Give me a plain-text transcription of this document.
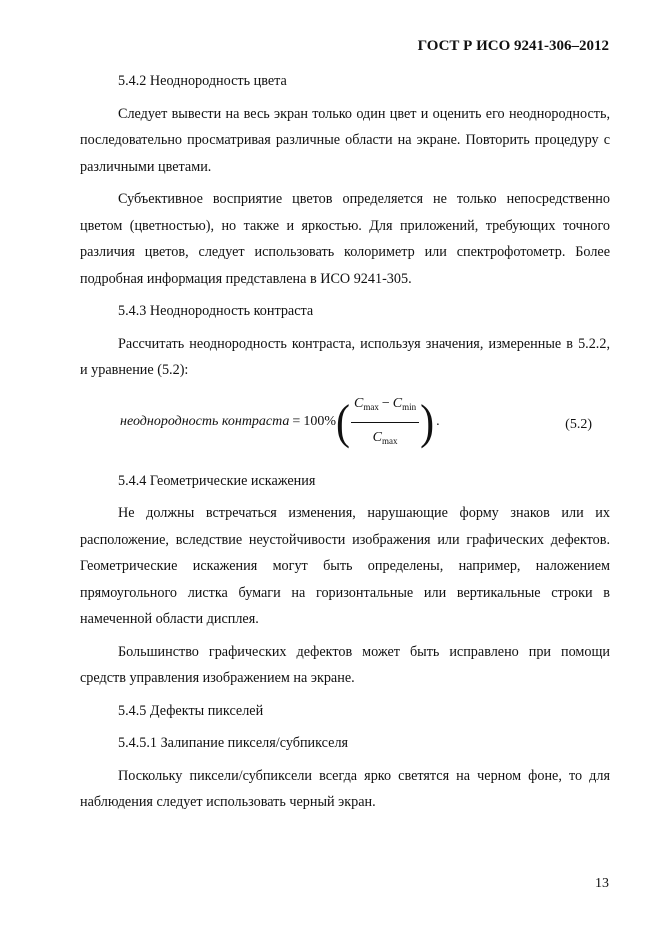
ГОСТ Р ИСО 9241-306–2012

5.4.2 Неоднородность цвета

Следует вывести на весь экран только один цвет и оценить его неоднородность, последовательно просматривая различные области на экране. Повторить процедуру с различными цветами.

Субъективное восприятие цветов определяется не только непосредственно цветом (цветностью), но также и яркостью. Для приложений, требующих точного различия цветов, следует использовать колориметр или спектрофотометр. Более подробная информация представлена в ИСО 9241-305.

5.4.3 Неоднородность контраста

Рассчитать неоднородность контраста, используя значения, измеренные в 5.2.2, и уравнение (5.2):

неоднородность контраста = 100% ( $\frac{C_{max} - C_{min}}{C_{max}}$ ) .	(5.2)

5.4.4 Геометрические искажения

Не должны встречаться изменения, нарушающие форму знаков или их расположение, вследствие неустойчивости изображения или графических дефектов. Геометрические искажения могут быть определены, например, наложением прямоугольного листка бумаги на горизонтальные или вертикальные строки в намеченной области дисплея.

Большинство графических дефектов может быть исправлено при помощи средств управления изображением на экране.

5.4.5 Дефекты пикселей

5.4.5.1 Залипание пикселя/субпикселя

Поскольку пиксели/субпиксели всегда ярко светятся на черном фоне, то для наблюдения следует использовать черный экран.

13
